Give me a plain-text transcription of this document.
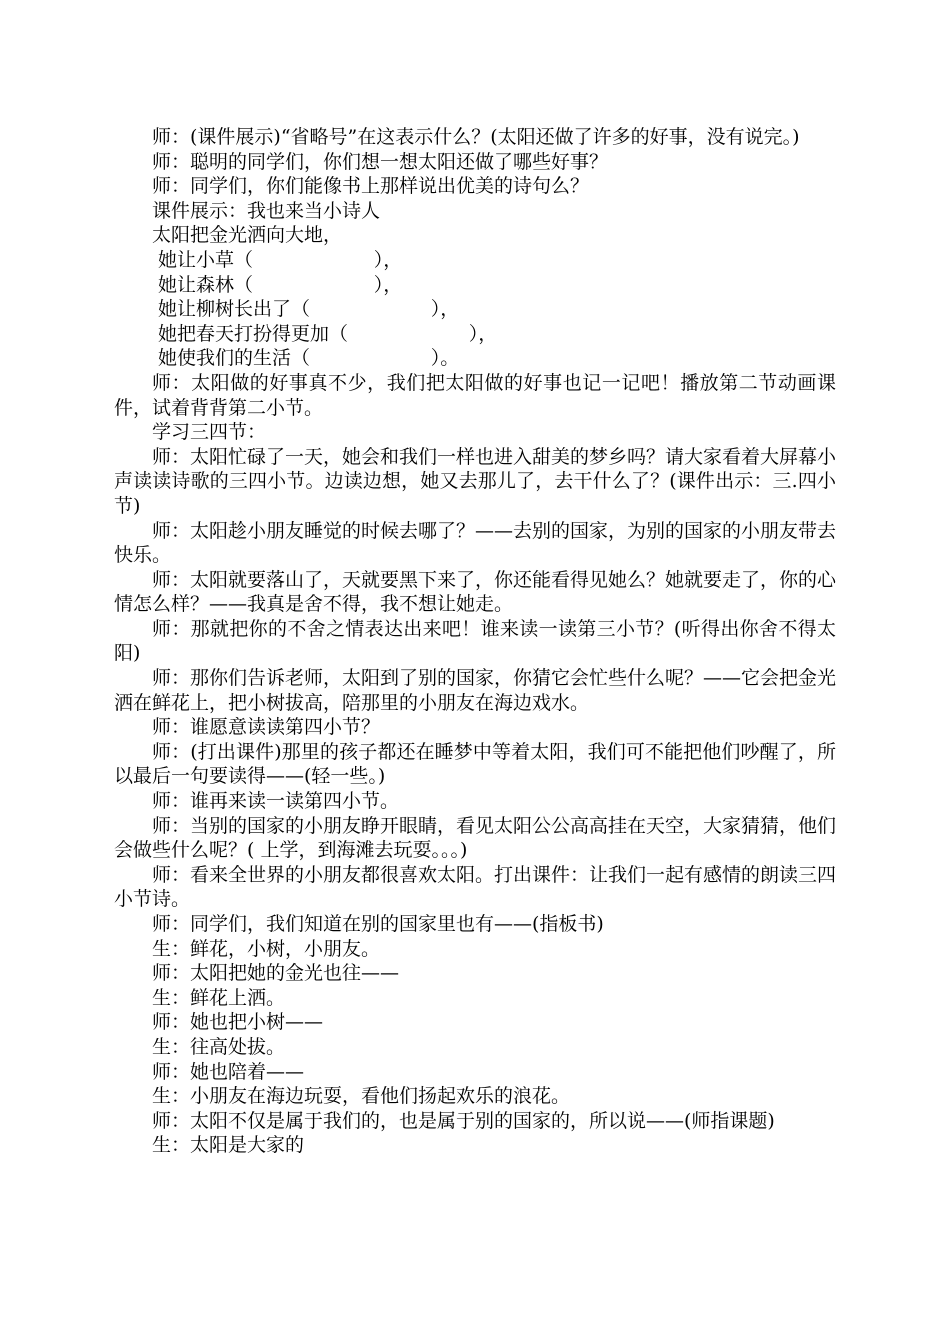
师：(课件展示)“省略号”在这表示什么？(太阳还做了许多的好事，没有说完。)

师：聪明的同学们，你们想一想太阳还做了哪些好事？

师：同学们，你们能像书上那样说出优美的诗句么？

课件展示：我也来当小诗人

太阳把金光洒向大地，

她让小草（                    ），

她让森林（                    ），

她让柳树长出了（                    ），

她把春天打扮得更加（                    ），

她使我们的生活（                    ）。

师：太阳做的好事真不少，我们把太阳做的好事也记一记吧！播放第二节动画课件，试着背背第二小节。

学习三四节：

师：太阳忙碌了一天，她会和我们一样也进入甜美的梦乡吗？请大家看着大屏幕小声读读诗歌的三四小节。边读边想，她又去那儿了，去干什么了？(课件出示：三.四小节)

师：太阳趁小朋友睡觉的时候去哪了？——去别的国家，为别的国家的小朋友带去快乐。

师：太阳就要落山了，天就要黑下来了，你还能看得见她么？她就要走了，你的心情怎么样？——我真是舍不得，我不想让她走。

师：那就把你的不舍之情表达出来吧！谁来读一读第三小节？(听得出你舍不得太阳)

师：那你们告诉老师，太阳到了别的国家，你猜它会忙些什么呢？——它会把金光洒在鲜花上，把小树拔高，陪那里的小朋友在海边戏水。

师：谁愿意读读第四小节？

师：(打出课件)那里的孩子都还在睡梦中等着太阳，我们可不能把他们吵醒了，所以最后一句要读得——(轻一些。)

师：谁再来读一读第四小节。

师：当别的国家的小朋友睁开眼睛，看见太阳公公高高挂在天空，大家猜猜，他们会做些什么呢？( 上学，到海滩去玩耍。。。)

师：看来全世界的小朋友都很喜欢太阳。打出课件：让我们一起有感情的朗读三四小节诗。

师：同学们，我们知道在别的国家里也有——(指板书)

生：鲜花，小树，小朋友。

师：太阳把她的金光也往——

生：鲜花上洒。

师：她也把小树——

生：往高处拔。

师：她也陪着——

生：小朋友在海边玩耍，看他们扬起欢乐的浪花。

师：太阳不仅是属于我们的，也是属于别的国家的，所以说——(师指课题)

生：太阳是大家的
